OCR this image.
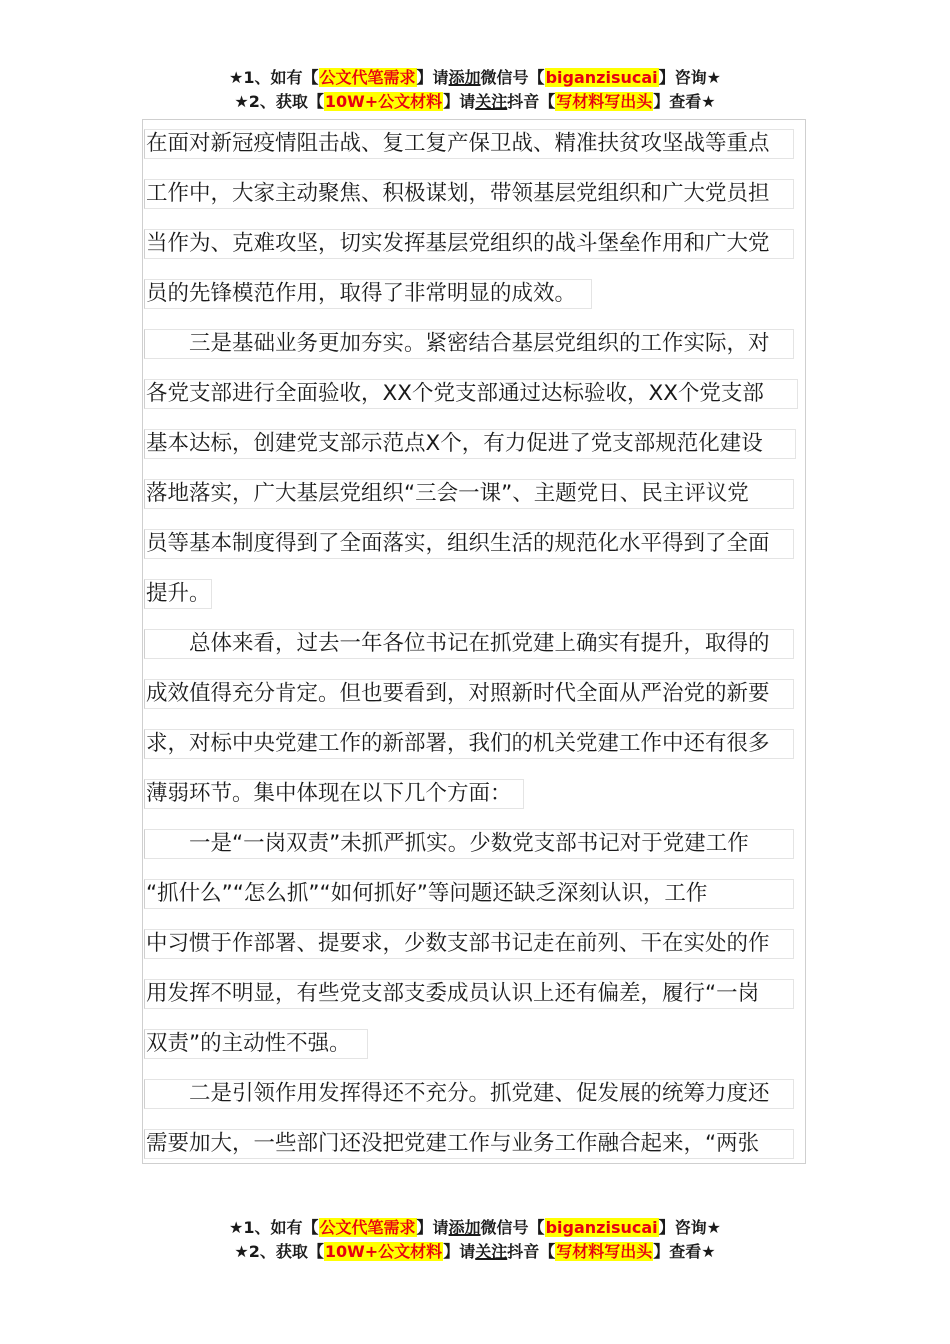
★1、如有【公文代笔需求】请添加微信号【biganzisucai】咨询★
★2、获取【10W+公文材料】请关注抖音【写材料写出头】查看★
在面对新冠疫情阻击战、复工复产保卫战、精准扶贫攻坚战等重点
工作中，大家主动聚焦、积极谋划，带领基层党组织和广大党员担
当作为、克难攻坚，切实发挥基层党组织的战斗堡垒作用和广大党
员的先锋模范作用，取得了非常明显的成效。
　　三是基础业务更加夯实。紧密结合基层党组织的工作实际，对
各党支部进行全面验收，XX个党支部通过达标验收，XX个党支部
基本达标，创建党支部示范点X个，有力促进了党支部规范化建设
落地落实，广大基层党组织“三会一课”、主题党日、民主评议党
员等基本制度得到了全面落实，组织生活的规范化水平得到了全面
提升。
　　总体来看，过去一年各位书记在抓党建上确实有提升，取得的
成效值得充分肯定。但也要看到，对照新时代全面从严治党的新要
求，对标中央党建工作的新部署，我们的机关党建工作中还有很多
薄弱环节。集中体现在以下几个方面：
　　一是“一岗双责”未抓严抓实。少数党支部书记对于党建工作
“抓什么”“怎么抓”“如何抓好”等问题还缺乏深刻认识，工作
中习惯于作部署、提要求，少数支部书记走在前列、干在实处的作
用发挥不明显，有些党支部支委成员认识上还有偏差，履行“一岗
双责”的主动性不强。
　　二是引领作用发挥得还不充分。抓党建、促发展的统筹力度还
需要加大，一些部门还没把党建工作与业务工作融合起来，“两张
★1、如有【公文代笔需求】请添加微信号【biganzisucai】咨询★
★2、获取【10W+公文材料】请关注抖音【写材料写出头】查看★
